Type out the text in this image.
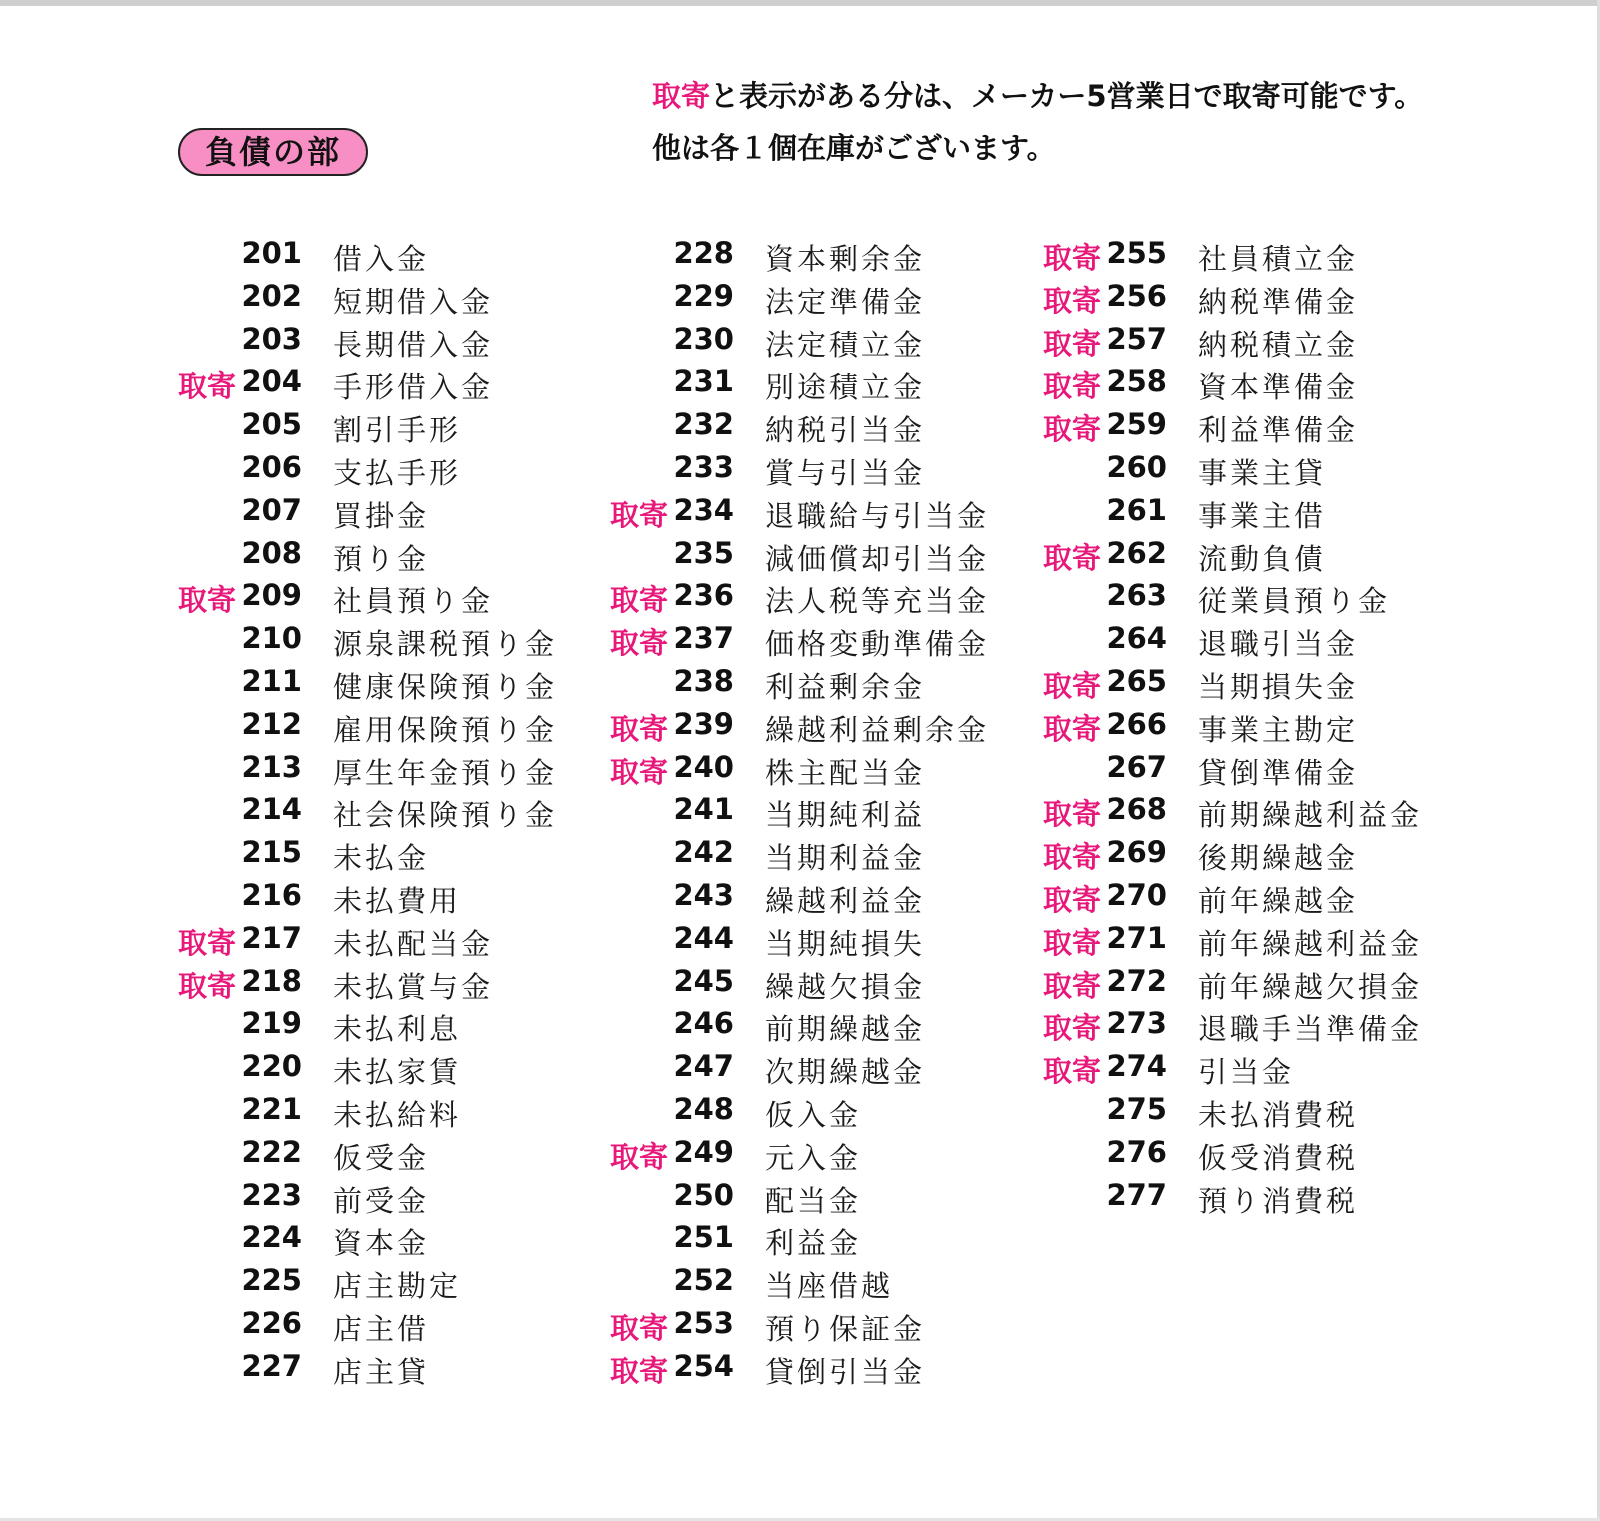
負債の部
取寄と表示がある分は、メーカー5営業日で取寄可能です。
他は各１個在庫がございます。
201 借入金
202 短期借入金
203 長期借入金
取寄 204 手形借入金
205 割引手形
206 支払手形
207 買掛金
208 預り金
取寄 209 社員預り金
210 源泉課税預り金
211 健康保険預り金
212 雇用保険預り金
213 厚生年金預り金
214 社会保険預り金
215 未払金
216 未払費用
取寄 217 未払配当金
取寄 218 未払賞与金
219 未払利息
220 未払家賃
221 未払給料
222 仮受金
223 前受金
224 資本金
225 店主勘定
226 店主借
227 店主貸
228 資本剰余金
229 法定準備金
230 法定積立金
231 別途積立金
232 納税引当金
233 賞与引当金
取寄 234 退職給与引当金
235 減価償却引当金
取寄 236 法人税等充当金
取寄 237 価格変動準備金
238 利益剰余金
取寄 239 繰越利益剰余金
取寄 240 株主配当金
241 当期純利益
242 当期利益金
243 繰越利益金
244 当期純損失
245 繰越欠損金
246 前期繰越金
247 次期繰越金
248 仮入金
取寄 249 元入金
250 配当金
251 利益金
252 当座借越
取寄 253 預り保証金
取寄 254 貸倒引当金
取寄 255 社員積立金
取寄 256 納税準備金
取寄 257 納税積立金
取寄 258 資本準備金
取寄 259 利益準備金
260 事業主貸
261 事業主借
取寄 262 流動負債
263 従業員預り金
264 退職引当金
取寄 265 当期損失金
取寄 266 事業主勘定
267 貸倒準備金
取寄 268 前期繰越利益金
取寄 269 後期繰越金
取寄 270 前年繰越金
取寄 271 前年繰越利益金
取寄 272 前年繰越欠損金
取寄 273 退職手当準備金
取寄 274 引当金
275 未払消費税
276 仮受消費税
277 預り消費税
